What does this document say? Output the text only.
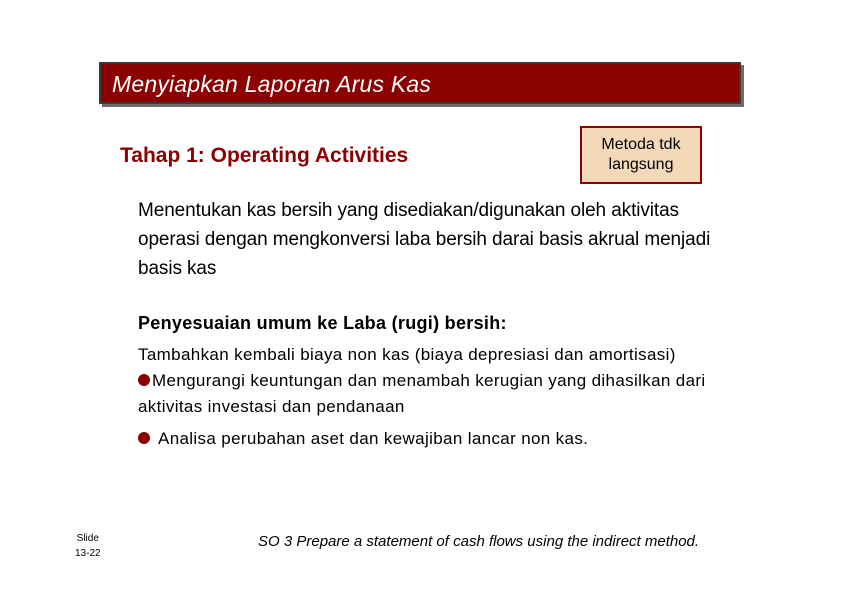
Menyiapkan Laporan Arus Kas
Tahap 1: Operating Activities	Metoda tdk
langsung
Menentukan kas bersih yang disediakan/digunakan oleh aktivitas operasi dengan mengkonversi laba bersih darai basis akrual menjadi basis kas
Penyesuaian umum ke Laba (rugi) bersih:

Tambahkan kembali biaya non kas (biaya depresiasi dan amortisasi)

Mengurangi keuntungan dan menambah kerugian yang dihasilkan dari aktivitas investasi dan pendanaan

Analisa perubahan aset dan kewajiban lancar non kas.

Slide
13-22
SO 3 Prepare a statement of cash flows using the indirect method.
